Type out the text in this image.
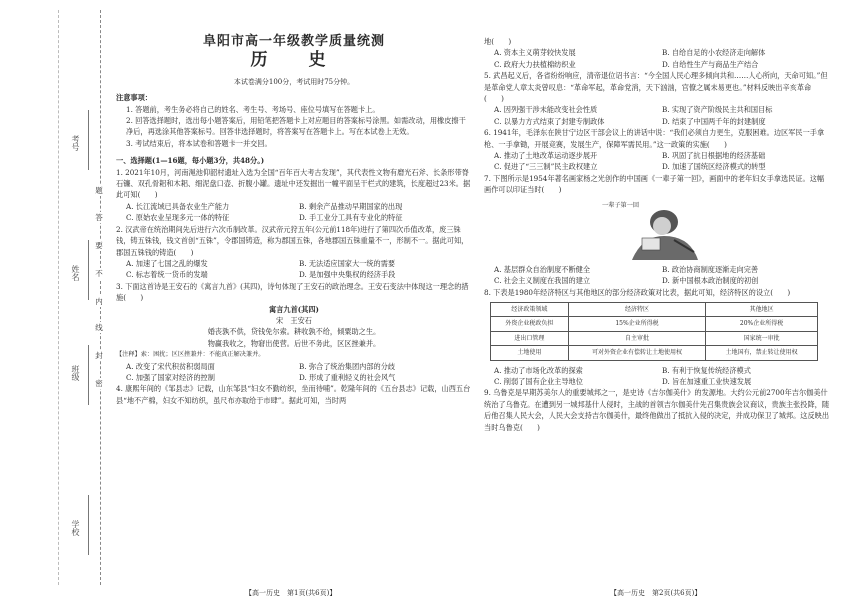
考号
姓名
班级
学校
题
答
要
不
内
线
封
密
阜阳市高一年级教学质量统测
历　史
本试卷满分100分，考试用时75分钟。
注意事项：
1. 答题前，考生务必将自己的姓名、考生号、考场号、座位号填写在答题卡上。
2. 回答选择题时，选出每小题答案后，用铅笔把答题卡上对应题目的答案标号涂黑。如需改动，用橡皮擦干净后，再选涂其他答案标号。回答非选择题时，将答案写在答题卡上。写在本试卷上无效。
3. 考试结束后，将本试卷和答题卡一并交回。
一、选择题(1—16题，每小题3分，共48分。)
1. 2021年10月，河南渑池仰韶村遗址入选为全国“百年百大考古发现”，其代表性文物有磨光石斧、长条形带脊石镰、双孔骨耜和木耜、细泥盘口壶、折腹小罐。遗址中还发掘出一幢平面呈干栏式的建筑，长度超过23米。据此可知(　　)
A. 长江流域已具备农业生产能力	B. 剩余产品推动早期国家的出现
C. 原始农业呈现多元一体的特征	D. 手工业分工具有专业化的特征
2. 汉武帝在统治期间先后进行六次币制改革。汉武帝元狩五年(公元前118年)进行了第四次币值改革，废三铢钱，铸五铢钱，钱文首创“五铢”，令郡国铸造，称为郡国五铢，各地郡国五铢重量不一，形制不一。据此可知，郡国五铢钱的铸造(　　)
A. 加速了七国之乱的爆发	B. 无法适应国家大一统的需要
C. 标志着统一货币的发端	D. 是加强中央集权的经济手段
3. 下面这首诗是王安石的《寓言九首》(其四)，诗句体现了王安石的政治理念。王安石变法中体现这一理念的措施(　　)
寓言九首(其四)
宋　王安石
婚丧孰不供，贷钱免尔索。耕收孰不给，倾粟助之生。
物赢我收之，物窘出使营。后世不务此，区区挫兼并。
【注释】索：困扰；区区挫兼并：不能真正解决兼并。
A. 改变了宋代积贫积弱局面	B. 弥合了统治集团内部的分歧
C. 加强了国家对经济的控制	D. 形成了重利轻义的社会风气
4. 康熙年间的《邹县志》记载，山东邹县“妇女不勤纺织，坐而待哺”。乾隆年间的《五台县志》记载，山西五台县“地不产棉，妇女不知纺织，虽尺布亦取给于市肆”。据此可知，当时两
地(　　)
A. 资本主义萌芽较快发展	B. 自给自足的小农经济走向解体
C. 政府大力扶植棉纺织业	D. 自给性生产与商品生产结合
5. 武昌起义后，各省纷纷响应，清帝退位诏书言：“今全国人民心理多倾向共和……人心所向，天命可知。”但是革命党人章太炎曾叹息：“革命军起，革命党消，天下汹汹，官僚之属未易更也。”材料反映出辛亥革命(　　)
A. 因列强干涉未能改变社会性质	B. 实现了资产阶级民主共和国目标
C. 以暴力方式结束了封建专制政体	D. 结束了中国两千年的封建制度
6. 1941年，毛泽东在陕甘宁边区干部会议上的讲话中说：“我们必须自力更生，克服困难。边区军民一手拿枪、一手拿锄，开展竞赛，发展生产，保障军需民用。”这一政策的实施(　　)
A. 推动了土地改革运动逐步展开	B. 巩固了抗日根据地的经济基础
C. 促进了“三三制”民主政权建立	D. 加速了国统区经济模式的转型
7. 下图所示是1954年著名画家杨之光创作的中国画《一辈子第一回》，画面中的老年妇女手拿选民证。这幅画作可以印证当时(　　)
一辈子第一回
A. 基层群众自治制度不断健全	B. 政治协商制度逐渐走向完善
C. 社会主义制度在我国的建立	D. 新中国根本政治制度的初创
8. 下表是1980年经济特区与其他地区的部分经济政策对比表，据此可知，经济特区的设立(　　)
经济政策领域	经济特区	其他地区
外资企业税政负担	15%企业所得税	20%企业所得税
进出口管理	自主审批	国家统一审批
土地使用	可对外资企业有偿转让土地使用权	土地国有，禁止转让使用权
A. 推动了市场化改革的探索	B. 有利于恢复传统经济模式
C. 削弱了国有企业主导地位	D. 旨在加速重工业快速发展
9. 乌鲁克是早期苏美尔人的重要城邦之一，是史诗《吉尔伽美什》的发源地。大约公元前2700年吉尔伽美什统治了乌鲁克。在遭到另一城邦基什人侵时，主战的首领吉尔伽美什先召集贵族会议商议，贵族主张投降，随后他召集人民大会，人民大会支持吉尔伽美什，最终他做出了抵抗入侵的决定，并成功保卫了城邦。这反映出当时乌鲁克(　　)
【高一历史　第1页(共6页)】	【高一历史　第2页(共6页)】
